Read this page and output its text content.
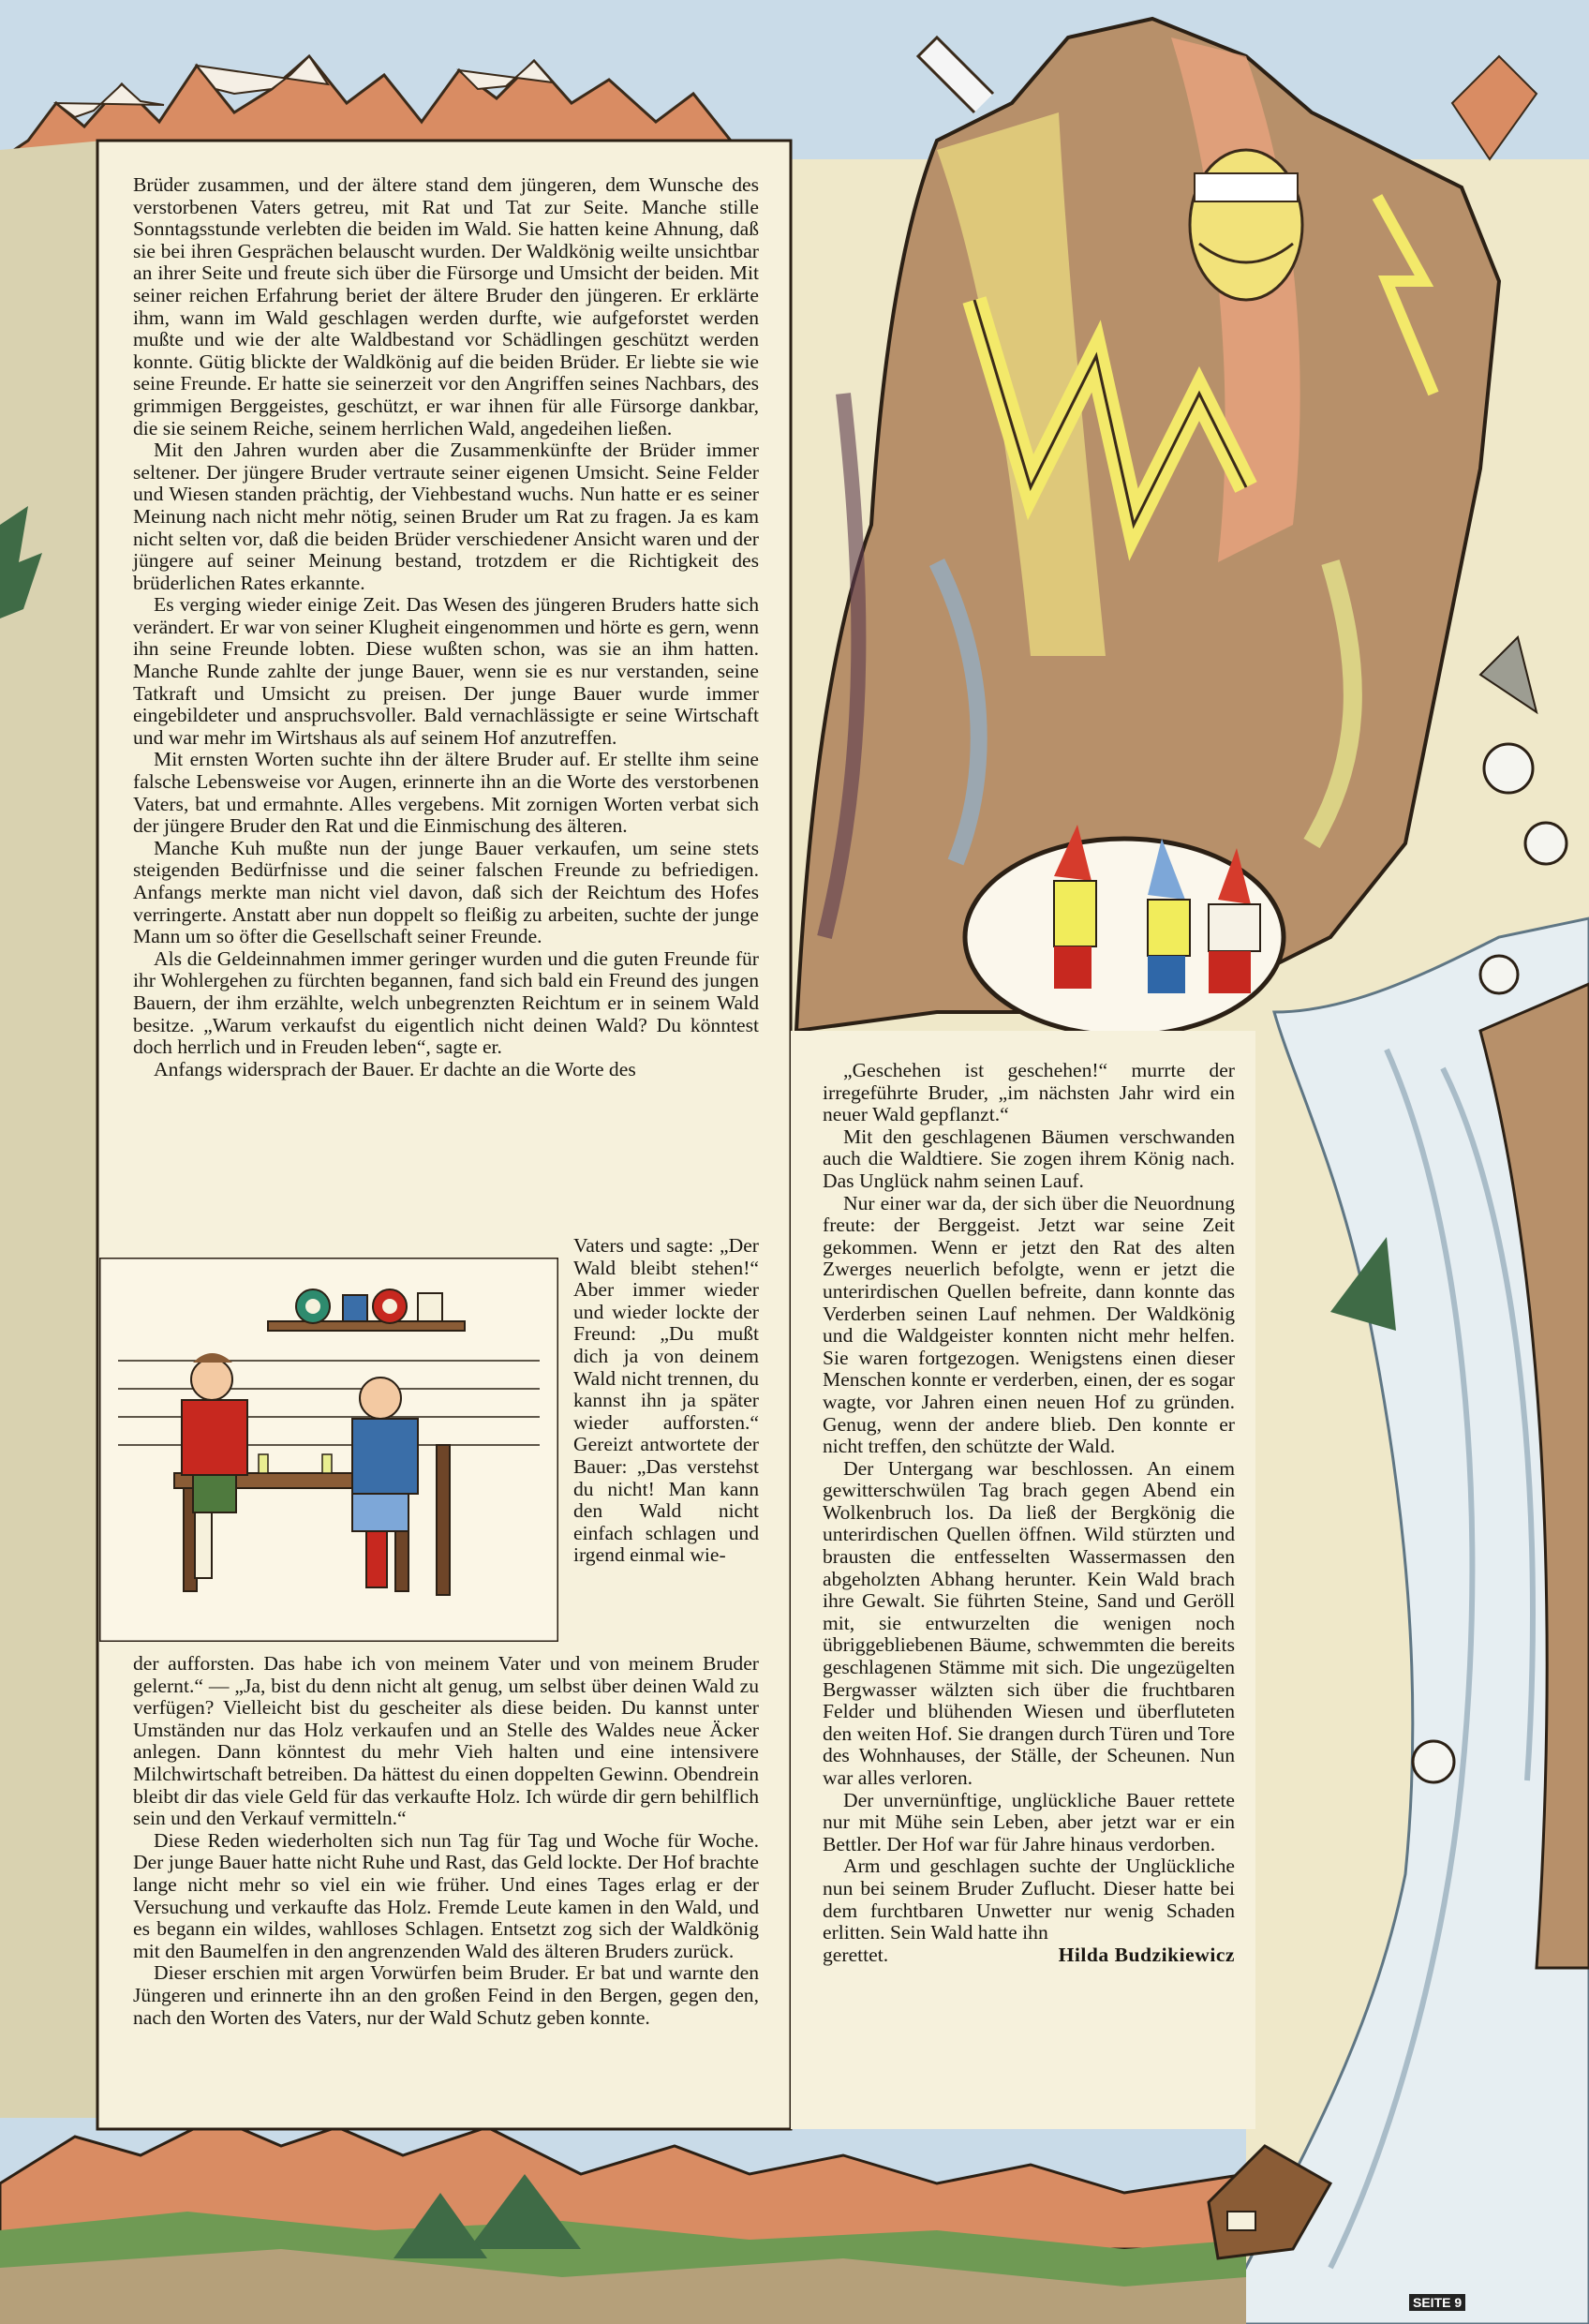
Brüder zusammen, und der ältere stand dem jüngeren, dem Wunsche des verstorbenen Vaters getreu, mit Rat und Tat zur Seite. Manche stille Sonntagsstunde verlebten die beiden im Wald. Sie hatten keine Ahnung, daß sie bei ihren Gesprächen belauscht wurden. Der Waldkönig weilte unsichtbar an ihrer Seite und freute sich über die Fürsorge und Umsicht der beiden. Mit seiner reichen Erfahrung beriet der ältere Bruder den jüngeren. Er erklärte ihm, wann im Wald geschlagen werden durfte, wie aufgeforstet werden mußte und wie der alte Waldbestand vor Schädlingen geschützt werden konnte. Gütig blickte der Waldkönig auf die beiden Brüder. Er liebte sie wie seine Freunde. Er hatte sie seinerzeit vor den Angriffen seines Nachbars, des grimmigen Berggeistes, geschützt, er war ihnen für alle Fürsorge dankbar, die sie seinem Reiche, seinem herrlichen Wald, angedeihen ließen.

Mit den Jahren wurden aber die Zusammenkünfte der Brüder immer seltener. Der jüngere Bruder vertraute seiner eigenen Umsicht. Seine Felder und Wiesen standen prächtig, der Viehbestand wuchs. Nun hatte er es seiner Meinung nach nicht mehr nötig, seinen Bruder um Rat zu fragen. Ja es kam nicht selten vor, daß die beiden Brüder verschiedener Ansicht waren und der jüngere auf seiner Meinung bestand, trotzdem er die Richtigkeit des brüderlichen Rates erkannte.

Es verging wieder einige Zeit. Das Wesen des jüngeren Bruders hatte sich verändert. Er war von seiner Klugheit eingenommen und hörte es gern, wenn ihn seine Freunde lobten. Diese wußten schon, was sie an ihm hatten. Manche Runde zahlte der junge Bauer, wenn sie es nur verstanden, seine Tatkraft und Umsicht zu preisen. Der junge Bauer wurde immer eingebildeter und anspruchsvoller. Bald vernachlässigte er seine Wirtschaft und war mehr im Wirtshaus als auf seinem Hof anzutreffen.

Mit ernsten Worten suchte ihn der ältere Bruder auf. Er stellte ihm seine falsche Lebensweise vor Augen, erinnerte ihn an die Worte des verstorbenen Vaters, bat und ermahnte. Alles vergebens. Mit zornigen Worten verbat sich der jüngere Bruder den Rat und die Einmischung des älteren.

Manche Kuh mußte nun der junge Bauer verkaufen, um seine stets steigenden Bedürfnisse und die seiner falschen Freunde zu befriedigen. Anfangs merkte man nicht viel davon, daß sich der Reichtum des Hofes verringerte. Anstatt aber nun doppelt so fleißig zu arbeiten, suchte der junge Mann um so öfter die Gesellschaft seiner Freunde.

Als die Geldeinnahmen immer geringer wurden und die guten Freunde für ihr Wohlergehen zu fürchten begannen, fand sich bald ein Freund des jungen Bauern, der ihm erzählte, welch unbegrenzten Reichtum er in seinem Wald besitze. „Warum verkaufst du eigentlich nicht deinen Wald? Du könntest doch herrlich und in Freuden leben“, sagte er.

Anfangs widersprach der Bauer. Er dachte an die Worte des

Vaters und sagte: „Der Wald bleibt stehen!“ Aber immer wieder und wieder lockte der Freund: „Du mußt dich ja von deinem Wald nicht trennen, du kannst ihn ja später wieder aufforsten.“ Gereizt antwortete der Bauer: „Das verstehst du nicht! Man kann den Wald nicht einfach schlagen und irgend einmal wie-

der aufforsten. Das habe ich von meinem Vater und von meinem Bruder gelernt.“ — „Ja, bist du denn nicht alt genug, um selbst über deinen Wald zu verfügen? Vielleicht bist du gescheiter als diese beiden. Du kannst unter Umständen nur das Holz verkaufen und an Stelle des Waldes neue Äcker anlegen. Dann könntest du mehr Vieh halten und eine intensivere Milchwirtschaft betreiben. Da hättest du einen doppelten Gewinn. Obendrein bleibt dir das viele Geld für das verkaufte Holz. Ich würde dir gern behilflich sein und den Verkauf vermitteln.“

Diese Reden wiederholten sich nun Tag für Tag und Woche für Woche. Der junge Bauer hatte nicht Ruhe und Rast, das Geld lockte. Der Hof brachte lange nicht mehr so viel ein wie früher. Und eines Tages erlag er der Versuchung und verkaufte das Holz. Fremde Leute kamen in den Wald, und es begann ein wildes, wahlloses Schlagen. Entsetzt zog sich der Waldkönig mit den Baumelfen in den angrenzenden Wald des älteren Bruders zurück.

Dieser erschien mit argen Vorwürfen beim Bruder. Er bat und warnte den Jüngeren und erinnerte ihn an den großen Feind in den Bergen, gegen den, nach den Worten des Vaters, nur der Wald Schutz geben konnte.

„Geschehen ist geschehen!“ murrte der irregeführte Bruder, „im nächsten Jahr wird ein neuer Wald gepflanzt.“

Mit den geschlagenen Bäumen verschwanden auch die Waldtiere. Sie zogen ihrem König nach. Das Unglück nahm seinen Lauf.

Nur einer war da, der sich über die Neuordnung freute: der Berggeist. Jetzt war seine Zeit gekommen. Wenn er jetzt den Rat des alten Zwerges neuerlich befolgte, wenn er jetzt die unterirdischen Quellen befreite, dann konnte das Verderben seinen Lauf nehmen. Der Waldkönig und die Waldgeister konnten nicht mehr helfen. Sie waren fortgezogen. Wenigstens einen dieser Menschen konnte er verderben, einen, der es sogar wagte, vor Jahren einen neuen Hof zu gründen. Genug, wenn der andere blieb. Den konnte er nicht treffen, den schützte der Wald.

Der Untergang war beschlossen. An einem gewitterschwülen Tag brach gegen Abend ein Wolkenbruch los. Da ließ der Bergkönig die unterirdischen Quellen öffnen. Wild stürzten und brausten die entfesselten Wassermassen den abgeholzten Abhang herunter. Kein Wald brach ihre Gewalt. Sie führten Steine, Sand und Geröll mit, sie entwurzelten die wenigen noch übriggebliebenen Bäume, schwemmten die bereits geschlagenen Stämme mit sich. Die ungezügelten Bergwasser wälzten sich über die fruchtbaren Felder und blühenden Wiesen und überfluteten den weiten Hof. Sie drangen durch Türen und Tore des Wohnhauses, der Ställe, der Scheunen. Nun war alles verloren.

Der unvernünftige, unglückliche Bauer rettete nur mit Mühe sein Leben, aber jetzt war er ein Bettler. Der Hof war für Jahre hinaus verdorben.

Arm und geschlagen suchte der Unglückliche nun bei seinem Bruder Zuflucht. Dieser hatte bei dem furchtbaren Unwetter nur wenig Schaden erlitten. Sein Wald hatte ihn

gerettet.	Hilda Budzikiewicz
SEITE 9
